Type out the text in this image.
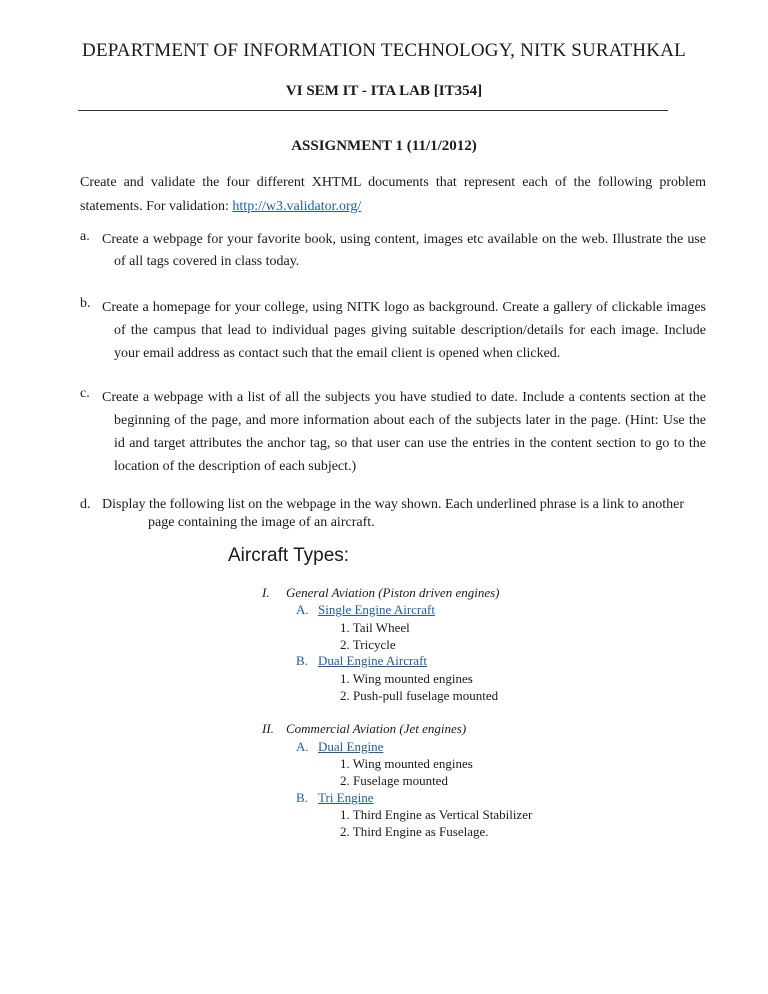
DEPARTMENT OF INFORMATION TECHNOLOGY, NITK SURATHKAL
VI SEM IT - ITA LAB [IT354]
ASSIGNMENT 1 (11/1/2012)

Create and validate the four different XHTML documents that represent each of the following problem statements. For validation: http://w3.validator.org/

a. Create a webpage for your favorite book, using content, images etc available on the web. Illustrate the use of all tags covered in class today.
b. Create a homepage for your college, using NITK logo as background. Create a gallery of clickable images of the campus that lead to individual pages giving suitable description/details for each image. Include your email address as contact such that the email client is opened when clicked.
c. Create a webpage with a list of all the subjects you have studied to date. Include a contents section at the beginning of the page, and more information about each of the subjects later in the page. (Hint: Use the id and target attributes the anchor tag, so that user can use the entries in the content section to go to the location of the description of each subject.)
d. Display the following list on the webpage in the way shown. Each underlined phrase is a link to another page containing the image of an aircraft.
Aircraft Types:
I. General Aviation (Piston driven engines)
A. Single Engine Aircraft
1. Tail Wheel
2. Tricycle
B. Dual Engine Aircraft
1. Wing mounted engines
2. Push-pull fuselage mounted
II. Commercial Aviation (Jet engines)
A. Dual Engine
1. Wing mounted engines
2. Fuselage mounted
B. Tri Engine
1. Third Engine as Vertical Stabilizer
2. Third Engine as Fuselage.
